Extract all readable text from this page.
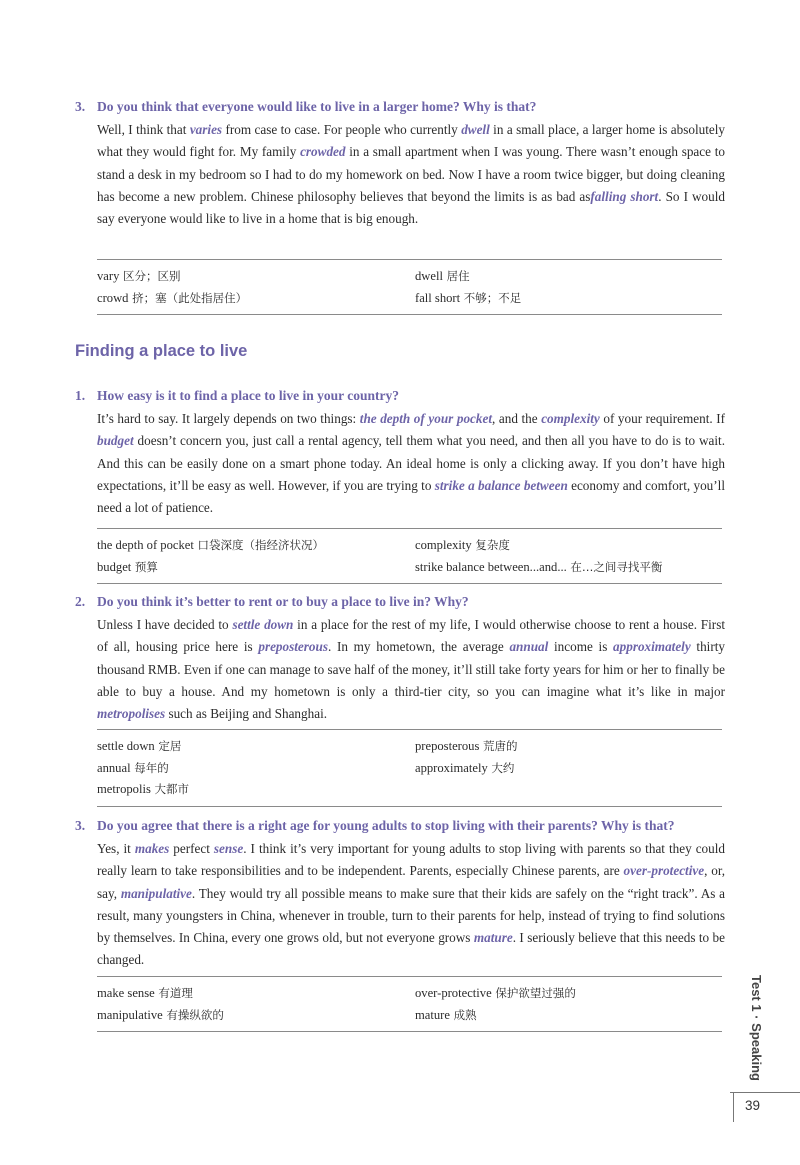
3. Do you think that everyone would like to live in a larger home? Why is that?
Well, I think that varies from case to case. For people who currently dwell in a small place, a larger home is absolutely what they would fight for. My family crowded in a small apartment when I was young. There wasn’t enough space to stand a desk in my bedroom so I had to do my homework on bed. Now I have a room twice bigger, but doing cleaning has become a new problem. Chinese philosophy believes that beyond the limits is as bad asfalling short. So I would say everyone would like to live in a home that is big enough.
vary 区分；区别	dwell 居住
crowd 挤；塞（此处指居住）	fall short 不够；不足
Finding a place to live
1. How easy is it to find a place to live in your country?
It’s hard to say. It largely depends on two things: the depth of your pocket, and the complexity of your requirement. If budget doesn’t concern you, just call a rental agency, tell them what you need, and then all you have to do is to wait. And this can be easily done on a smart phone today. An ideal home is only a clicking away. If you don’t have high expectations, it’ll be easy as well. However, if you are trying to strike a balance between economy and comfort, you’ll need a lot of patience.
the depth of pocket 口袋深度（指经济状况）	complexity 复杂度
budget 预算	strike balance between...and... 在…之间寻找平衡
2. Do you think it’s better to rent or to buy a place to live in? Why?
Unless I have decided to settle down in a place for the rest of my life, I would otherwise choose to rent a house. First of all, housing price here is preposterous. In my hometown, the average annual income is approximately thirty thousand RMB. Even if one can manage to save half of the money, it’ll still take forty years for him or her to finally be able to buy a house. And my hometown is only a third-tier city, so you can imagine what it’s like in major metropolises such as Beijing and Shanghai.
settle down 定居	preposterous 荒唐的
annual 每年的	approximately 大约
metropolis 大都市
3. Do you agree that there is a right age for young adults to stop living with their parents? Why is that?
Yes, it makes perfect sense. I think it’s very important for young adults to stop living with parents so that they could really learn to take responsibilities and to be independent. Parents, especially Chinese parents, are over-protective, or, say, manipulative. They would try all possible means to make sure that their kids are safely on the “right track”. As a result, many youngsters in China, whenever in trouble, turn to their parents for help, instead of trying to find solutions by themselves. In China, every one grows old, but not everyone grows mature. I seriously believe that this needs to be changed.
make sense 有道理	over-protective 保护欲望过强的
manipulative 有操纵欲的	mature 成熟	Test 1 · Speaking
39
